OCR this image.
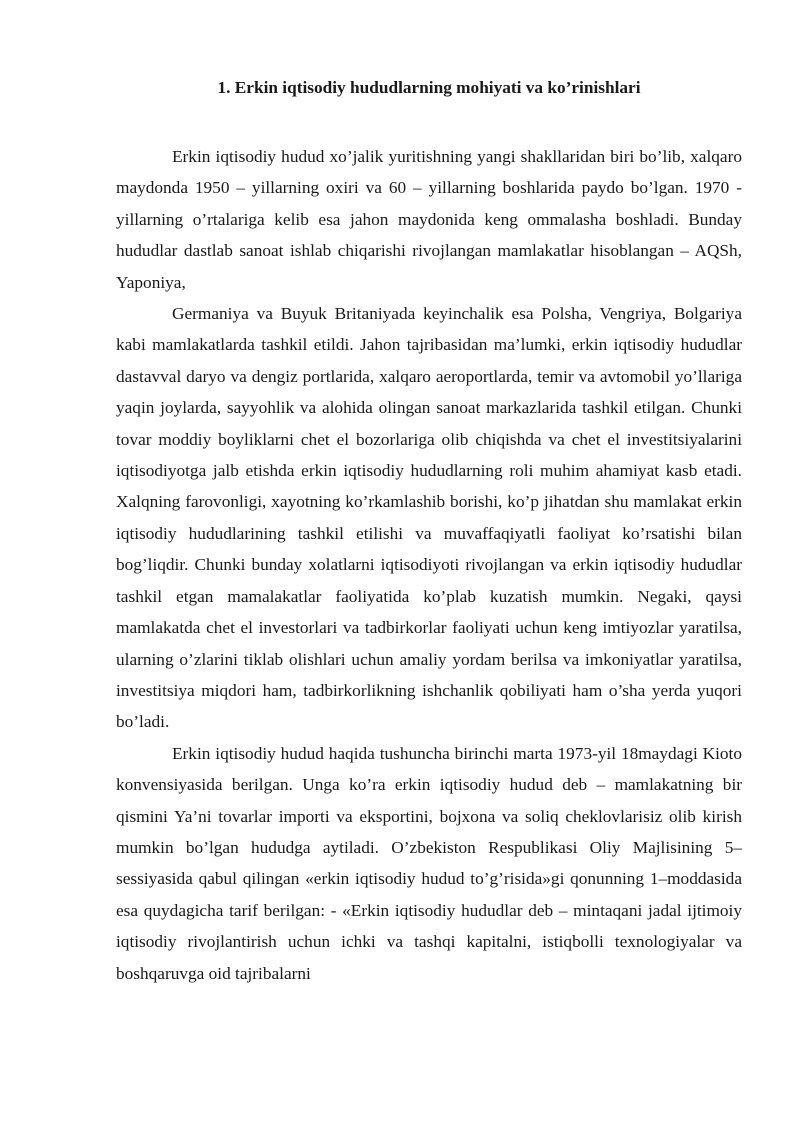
1. Erkin iqtisodiy hududlarning mohiyati va ko’rinishlari

Erkin iqtisodiy hudud xo’jalik yuritishning yangi shakllaridan biri bo’lib, xalqaro maydonda 1950 – yillarning oxiri va 60 – yillarning boshlarida paydo bo’lgan. 1970 - yillarning o’rtalariga kelib esa jahon maydonida keng ommalasha boshladi. Bunday hududlar dastlab sanoat ishlab chiqarishi rivojlangan mamlakatlar hisoblangan – AQSh, Yaponiya,

Germaniya va Buyuk Britaniyada keyinchalik esa Polsha, Vengriya, Bolgariya kabi mamlakatlarda tashkil etildi. Jahon tajribasidan ma’lumki, erkin iqtisodiy hududlar dastavval daryo va dengiz portlarida, xalqaro aeroportlarda, temir va avtomobil yo’llariga yaqin joylarda, sayyohlik va alohida olingan sanoat markazlarida tashkil etilgan. Chunki tovar moddiy boyliklarni chet el bozorlariga olib chiqishda va chet el investitsiyalarini iqtisodiyotga jalb etishda erkin iqtisodiy hududlarning roli muhim ahamiyat kasb etadi. Xalqning farovonligi, xayotning ko’rkamlashib borishi, ko’p jihatdan shu mamlakat erkin iqtisodiy hududlarining tashkil etilishi va muvaffaqiyatli faoliyat ko’rsatishi bilan bog’liqdir. Chunki bunday xolatlarni iqtisodiyoti rivojlangan va erkin iqtisodiy hududlar tashkil etgan mamalakatlar faoliyatida ko’plab kuzatish mumkin. Negaki, qaysi mamlakatda chet el investorlari va tadbirkorlar faoliyati uchun keng imtiyozlar yaratilsa, ularning o’zlarini tiklab olishlari uchun amaliy yordam berilsa va imkoniyatlar yaratilsa, investitsiya miqdori ham, tadbirkorlikning ishchanlik qobiliyati ham o’sha yerda yuqori bo’ladi.

Erkin iqtisodiy hudud haqida tushuncha birinchi marta 1973-yil 18maydagi Kioto konvensiyasida berilgan. Unga ko’ra erkin iqtisodiy hudud deb – mamlakatning bir qismini Ya’ni tovarlar importi va eksportini, bojxona va soliq cheklovlarisiz olib kirish mumkin bo’lgan hududga aytiladi. O’zbekiston Respublikasi Oliy Majlisining 5–sessiyasida qabul qilingan «erkin iqtisodiy hudud to’g’risida»gi qonunning 1–moddasida esa quydagicha tarif berilgan: - «Erkin iqtisodiy hududlar deb – mintaqani jadal ijtimoiy iqtisodiy rivojlantirish uchun ichki va tashqi kapitalni, istiqbolli texnologiyalar va boshqaruvga oid tajribalarni
